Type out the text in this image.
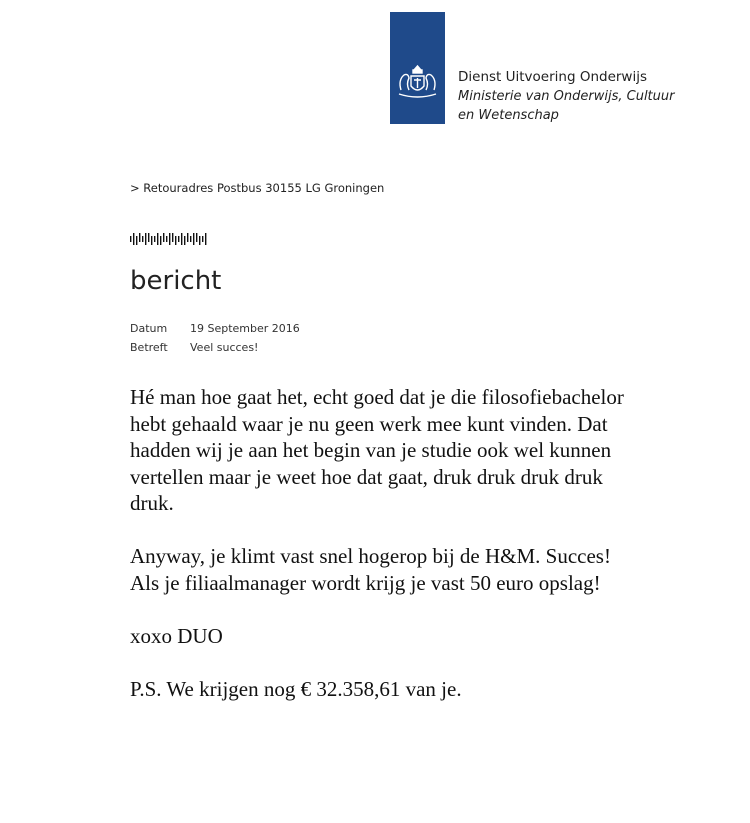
Dienst Uitvoering Onderwijs
Ministerie van Onderwijs, Cultuur en Wetenschap
> Retouradres Postbus 30155 LG Groningen
bericht
Datum	19 September 2016
Betreft	Veel succes!

Hé man hoe gaat het, echt goed dat je die filosofiebachelor hebt gehaald waar je nu geen werk mee kunt vinden. Dat hadden wij je aan het begin van je studie ook wel kunnen vertellen maar je weet hoe dat gaat, druk druk druk druk druk.

Anyway, je klimt vast snel hogerop bij de H&M. Succes! Als je filiaalmanager wordt krijg je vast 50 euro opslag!

xoxo DUO

P.S. We krijgen nog € 32.358,61 van je.
